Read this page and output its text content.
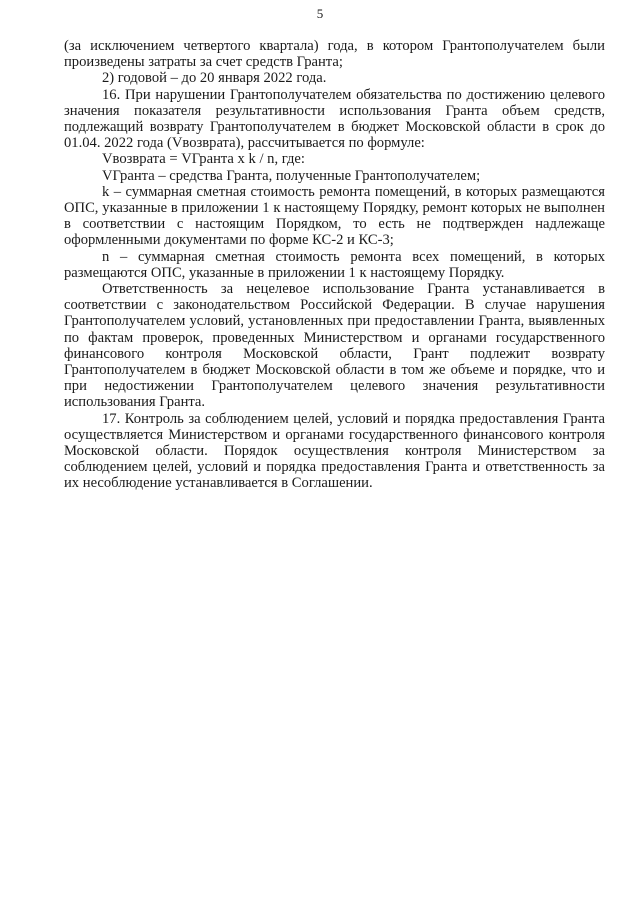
5

(за исключением четвертого квартала) года, в котором Грантополучателем были произведены затраты за счет средств Гранта;

2) годовой – до 20 января 2022 года.

16. При нарушении Грантополучателем обязательства по достижению целевого значения показателя результативности использования Гранта объем средств, подлежащий возврату Грантополучателем в бюджет Московской области в срок до 01.04. 2022 года (Vвозврата), рассчитывается по формуле:

Vвозврата = VГранта x k / n, где:

VГранта – средства Гранта, полученные Грантополучателем;

k – суммарная сметная стоимость ремонта помещений, в которых размещаются ОПС, указанные в приложении 1 к настоящему Порядку, ремонт которых не выполнен в соответствии с настоящим Порядком, то есть не подтвержден надлежаще оформленными документами по форме КС-2 и КС-3;

n – суммарная сметная стоимость ремонта всех помещений, в которых размещаются ОПС, указанные в приложении 1 к настоящему Порядку.

Ответственность за нецелевое использование Гранта устанавливается в соответствии с законодательством Российской Федерации. В случае нарушения Грантополучателем условий, установленных при предоставлении Гранта, выявленных по фактам проверок, проведенных Министерством и органами государственного финансового контроля Московской области, Грант подлежит возврату Грантополучателем в бюджет Московской области в том же объеме и порядке, что и при недостижении Грантополучателем целевого значения результативности использования Гранта.

17. Контроль за соблюдением целей, условий и порядка предоставления Гранта осуществляется Министерством и органами государственного финансового контроля Московской области. Порядок осуществления контроля Министерством за соблюдением целей, условий и порядка предоставления Гранта и ответственность за их несоблюдение устанавливается в Соглашении.
